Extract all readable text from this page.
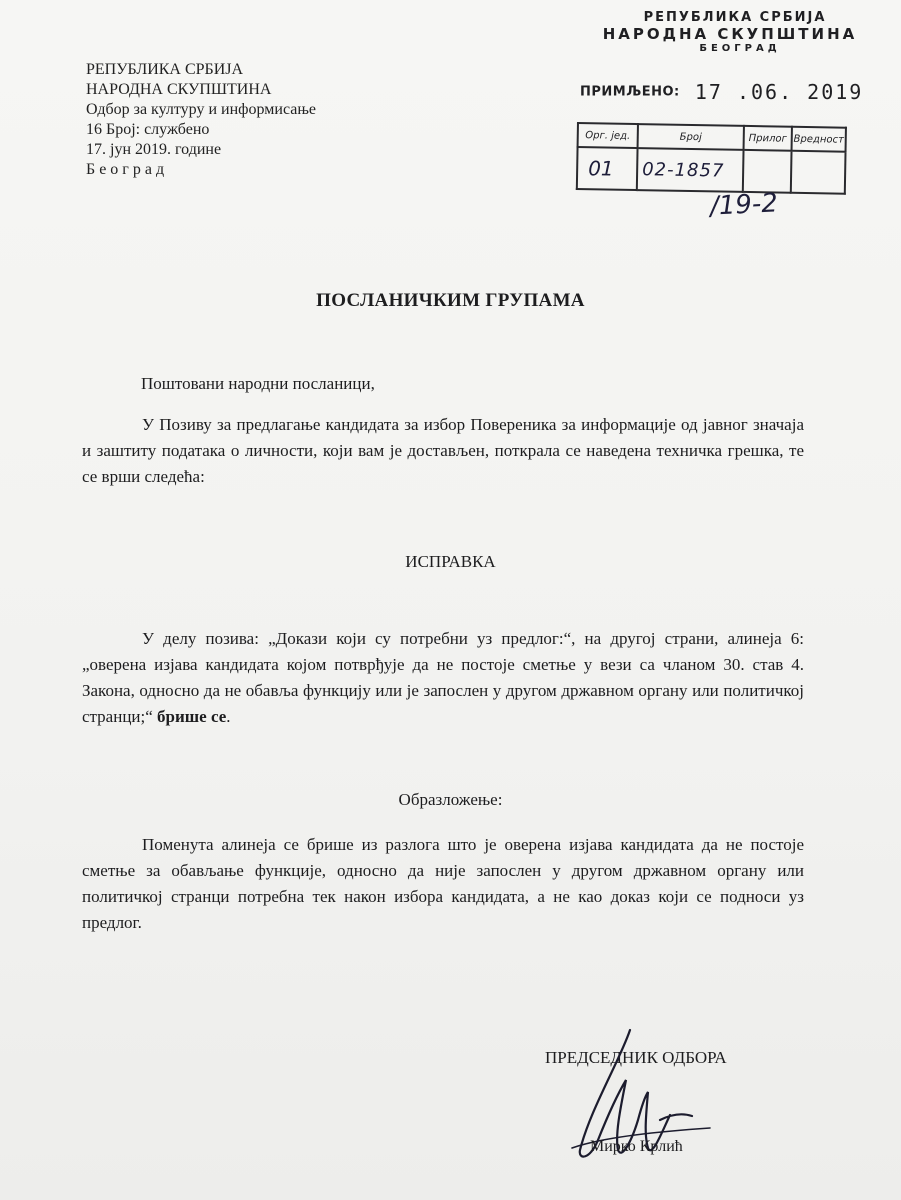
РЕПУБЛИКА СРБИЈА
НАРОДНА СКУПШТИНА
Одбор за културу и информисање
16 Број: службено
17. јун 2019. године
Београд
РЕПУБЛИКА СРБИЈА
НАРОДНА СКУПШТИНА
БЕОГРАД
ПРИМЉЕНО: 17 .06. 2019
Орг. јед.	Број	Прилог	Вредност
01	02-1857		
/19-2
ПОСЛАНИЧКИМ ГРУПАМА
Поштовани народни посланици,
У Позиву за предлагање кандидата за избор Повереника за информације од јавног значаја и заштиту података о личности, који вам је достављен, поткрала се наведена техничка грешка, те се врши следећа:
ИСПРАВКА
У делу позива: „Докази који су потребни уз предлог:“, на другој страни, алинеја 6: „оверена изјава кандидата којом потврђује да не постоје сметње у вези са чланом 30. став 4. Закона, односно да не обавља функцију или је запослен у другом државном органу или политичкој странци;“ брише се.
Образложење:
Поменута алинеја се брише из разлога што је оверена изјава кандидата да не постоје сметње за обављање функције, односно да није запослен у другом државном органу или политичкој странци потребна тек након избора кандидата, а не као доказ који се подноси уз предлог.
ПРЕДСЕДНИК ОДБОРА
Мирко Крлић
